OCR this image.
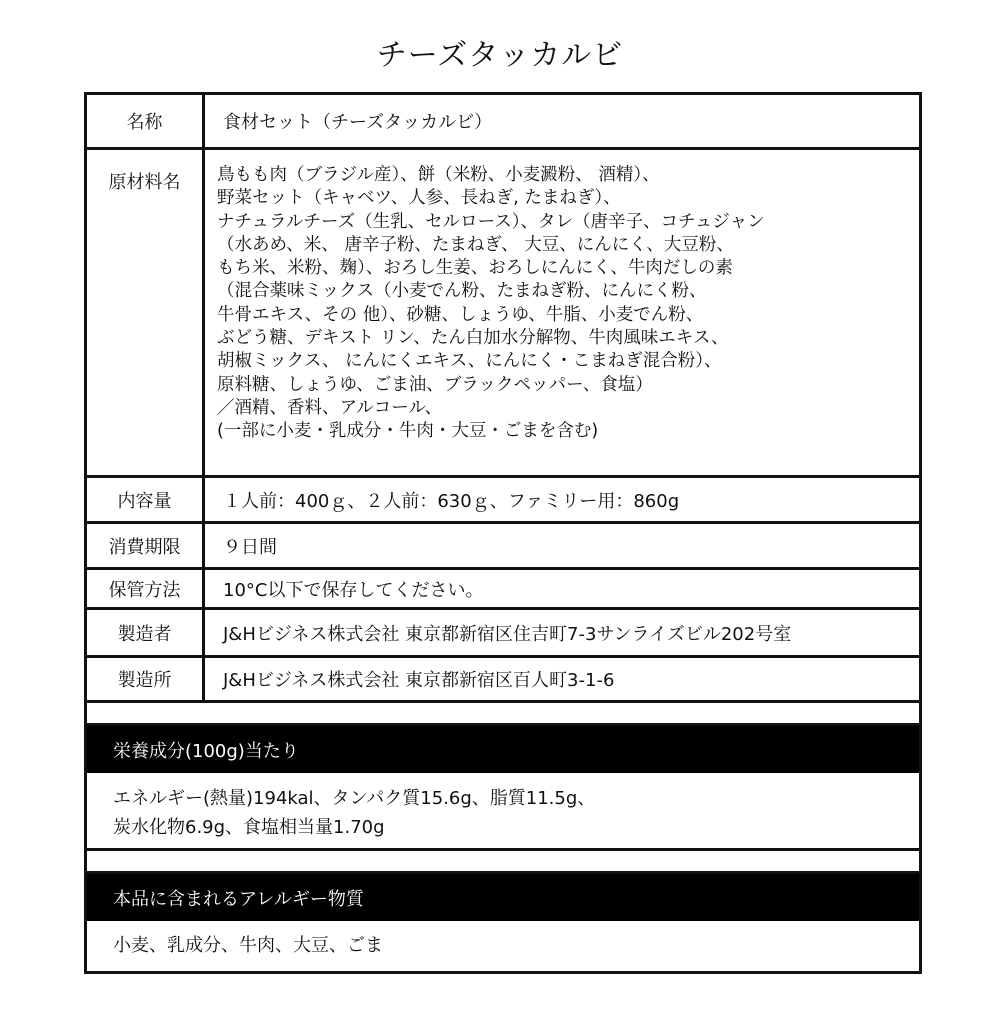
チーズタッカルビ
名称	食材セット（チーズタッカルビ）
原材料名	鳥もも肉（ブラジル産）、餅（米粉、小麦澱粉、 酒精）、
野菜セット（キャベツ、人参、長ねぎ, たまねぎ）、
ナチュラルチーズ（生乳、セルロース）、タレ（唐辛子、コチュジャン
（水あめ、米、 唐辛子粉、たまねぎ、 大豆、にんにく、大豆粉、
もち米、米粉、麹）、おろし生姜、おろしにんにく、牛肉だしの素
（混合薬味ミックス（小麦でん粉、たまねぎ粉、にんにく粉、
牛骨エキス、その 他）、砂糖、しょうゆ、牛脂、小麦でん粉、
ぶどう糖、デキスト リン、たん白加水分解物、牛肉風味エキス、
胡椒ミックス、 にんにくエキス、にんにく・こまねぎ混合粉）、
原料糖、しょうゆ、ごま油、ブラックペッパー、食塩）
／酒精、香料、アルコール、
(一部に小麦・乳成分・牛肉・大豆・ごまを含む)
内容量	１人前：400ｇ、２人前：630ｇ、ファミリー用：860g
消費期限	９日間
保管方法	10°C以下で保存してください。
製造者	J&Hビジネス株式会社 東京都新宿区住吉町7-3サンライズビル202号室
製造所	J&Hビジネス株式会社 東京都新宿区百人町3-1-6
栄養成分(100g)当たり
エネルギー(熱量)194kal、タンパク質15.6g、脂質11.5g、
炭水化物6.9g、食塩相当量1.70g
本品に含まれるアレルギー物質
小麦、乳成分、牛肉、大豆、ごま
